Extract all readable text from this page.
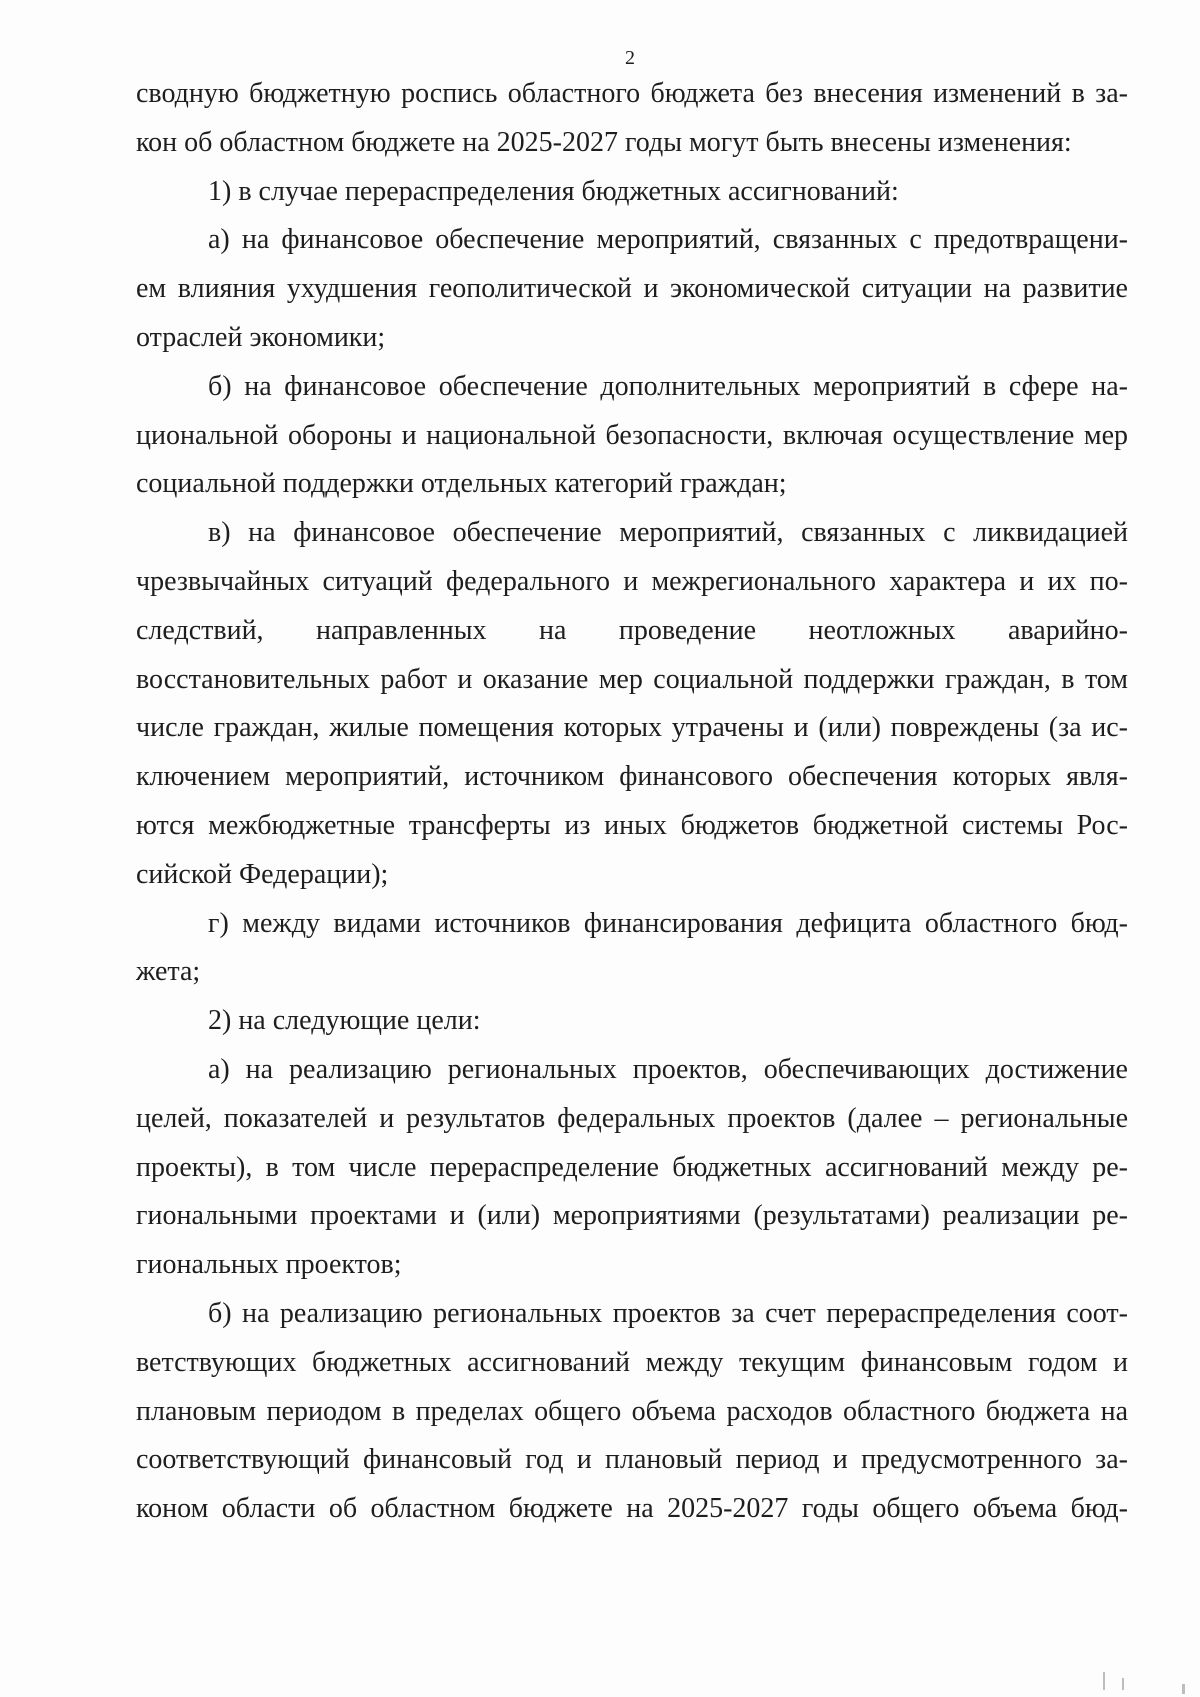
2

сводную бюджетную роспись областного бюджета без внесения изменений в за-
кон об областном бюджете на 2025-2027 годы могут быть внесены изменения:

1) в случае перераспределения бюджетных ассигнований:

а) на финансовое обеспечение мероприятий, связанных с предотвращени-
ем влияния ухудшения геополитической и экономической ситуации на развитие
отраслей экономики;

б) на финансовое обеспечение дополнительных мероприятий в сфере на-
циональной обороны и национальной безопасности, включая осуществление мер
социальной поддержки отдельных категорий граждан;

в) на финансовое обеспечение мероприятий, связанных с ликвидацией
чрезвычайных ситуаций федерального и межрегионального характера и их по-
следствий, направленных на проведение неотложных аварийно-
восстановительных работ и оказание мер социальной поддержки граждан, в том
числе граждан, жилые помещения которых утрачены и (или) повреждены (за ис-
ключением мероприятий, источником финансового обеспечения которых явля-
ются межбюджетные трансферты из иных бюджетов бюджетной системы Рос-
сийской Федерации);

г) между видами источников финансирования дефицита областного бюд-
жета;

2) на следующие цели:

а) на реализацию региональных проектов, обеспечивающих достижение
целей, показателей и результатов федеральных проектов (далее – региональные
проекты), в том числе перераспределение бюджетных ассигнований между ре-
гиональными проектами и (или) мероприятиями (результатами) реализации ре-
гиональных проектов;

б) на реализацию региональных проектов за счет перераспределения соот-
ветствующих бюджетных ассигнований между текущим финансовым годом и
плановым периодом в пределах общего объема расходов областного бюджета на
соответствующий финансовый год и плановый период и предусмотренного за-
коном области об областном бюджете на 2025-2027 годы общего объема бюд-
